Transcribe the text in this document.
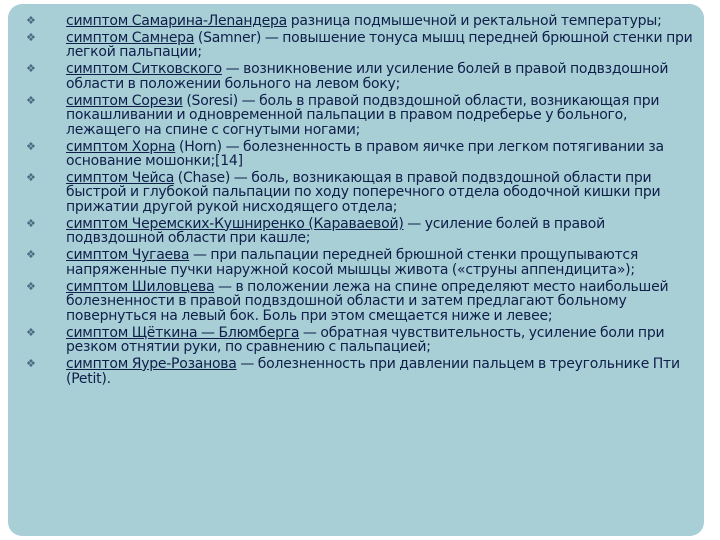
❖ симптом Самарина-Лenандера разница подмышечной и ректальной температуры;
❖ симптом Самнера (Samner) — повышение тонуса мышц передней брюшной стенки при легкой пальпации;
❖ симптом Ситковского — возникновение или усиление болей в правой подвздошной области в положении больного на левом боку;
❖ симптом Сорези (Soresi) — боль в правой подвздошной области, возникающая при покашливании и одновременной пальпации в правом подреберье у больного, лежащего на спине с согнутыми ногами;
❖ симптом Хорна (Horn) — болезненность в правом яичке при легком потягивании за основание мошонки;[14]
❖ симптом Чейса (Chase) — боль, возникающая в правой подвздошной области при быстрой и глубокой пальпации по ходу поперечного отдела ободочной кишки при прижатии другой рукой нисходящего отдела;
❖ симптом Черемских-Кушниренко (Караваевой) — усиление болей в правой подвздошной области при кашле;
❖ симптом Чугаева — при пальпации передней брюшной стенки прощупываются напряженные пучки наружной косой мышцы живота («струны аппендицита»);
❖ симптом Шиловцева — в положении лежа на спине определяют место наибольшей болезненности в правой подвздошной области и затем предлагают больному повернуться на левый бок. Боль при этом смещается ниже и левее;
❖ симптом Щёткина — Блюмберга — обратная чувствительность, усиление боли при резком отнятии руки, по сравнению с пальпацией;
❖ симптом Яуре-Розанова — болезненность при давлении пальцем в треугольнике Пти (Petit).
